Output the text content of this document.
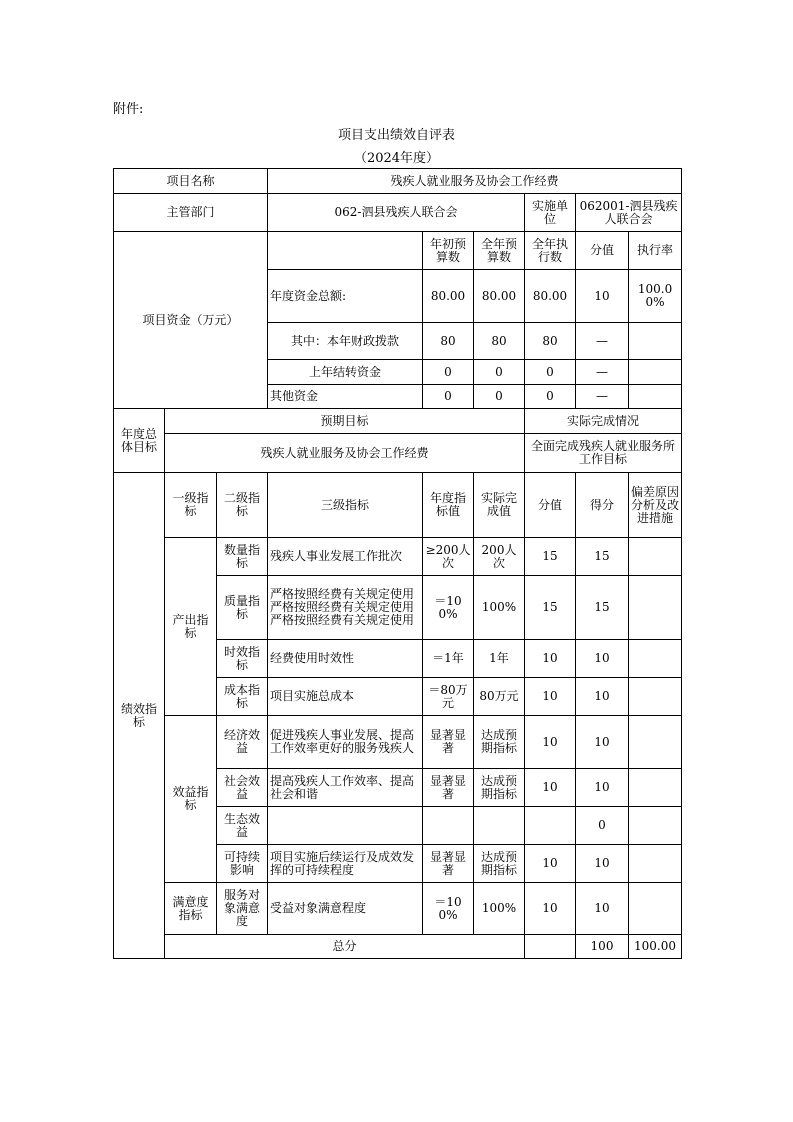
附件:
项目支出绩效自评表
（2024年度）
项目名称			残疾人就业服务及协会工作经费						
主管部门			062-泗县残疾人联合会			实施单位	062001-泗县残疾人联合会		
项目资金（万元）				年初预算数	全年预算数	全年执行数	分值	执行率	
			年度资金总额:	80.00	80.00	80.00	10	100.00%	
			其中：本年财政拨款	80	80	80	—		
			上年结转资金	0	0	0	—		
			其他资金	0	0	0	—		
年度总体目标	预期目标					实际完成情况			
	残疾人就业服务及协会工作经费					全面完成残疾人就业服务所工作目标			
绩效指标	一级指标	二级指标	三级指标	年度指标值	实际完成值	分值	得分	偏差原因分析及改进措施	
	产出指标	数量指标	残疾人事业发展工作批次	≥200人次	200人次	15	15		
		质量指标	严格按照经费有关规定使用严格按照经费有关规定使用严格按照经费有关规定使用	＝100%	100%	15	15		
		时效指标	经费使用时效性	＝1年	1年	10	10		
		成本指标	项目实施总成本	＝80万元	80万元	10	10		
	效益指标	经济效益	促进残疾人事业发展、提高工作效率更好的服务残疾人	显著显著	达成预期指标	10	10		
		社会效益	提高残疾人工作效率、提高社会和谐	显著显著	达成预期指标	10	10		
		生态效益					0		
		可持续影响	项目实施后续运行及成效发挥的可持续程度	显著显著	达成预期指标	10	10		
	满意度指标	服务对象满意度	受益对象满意程度	＝100%	100%	10	10		
	总分						100	100.00	
